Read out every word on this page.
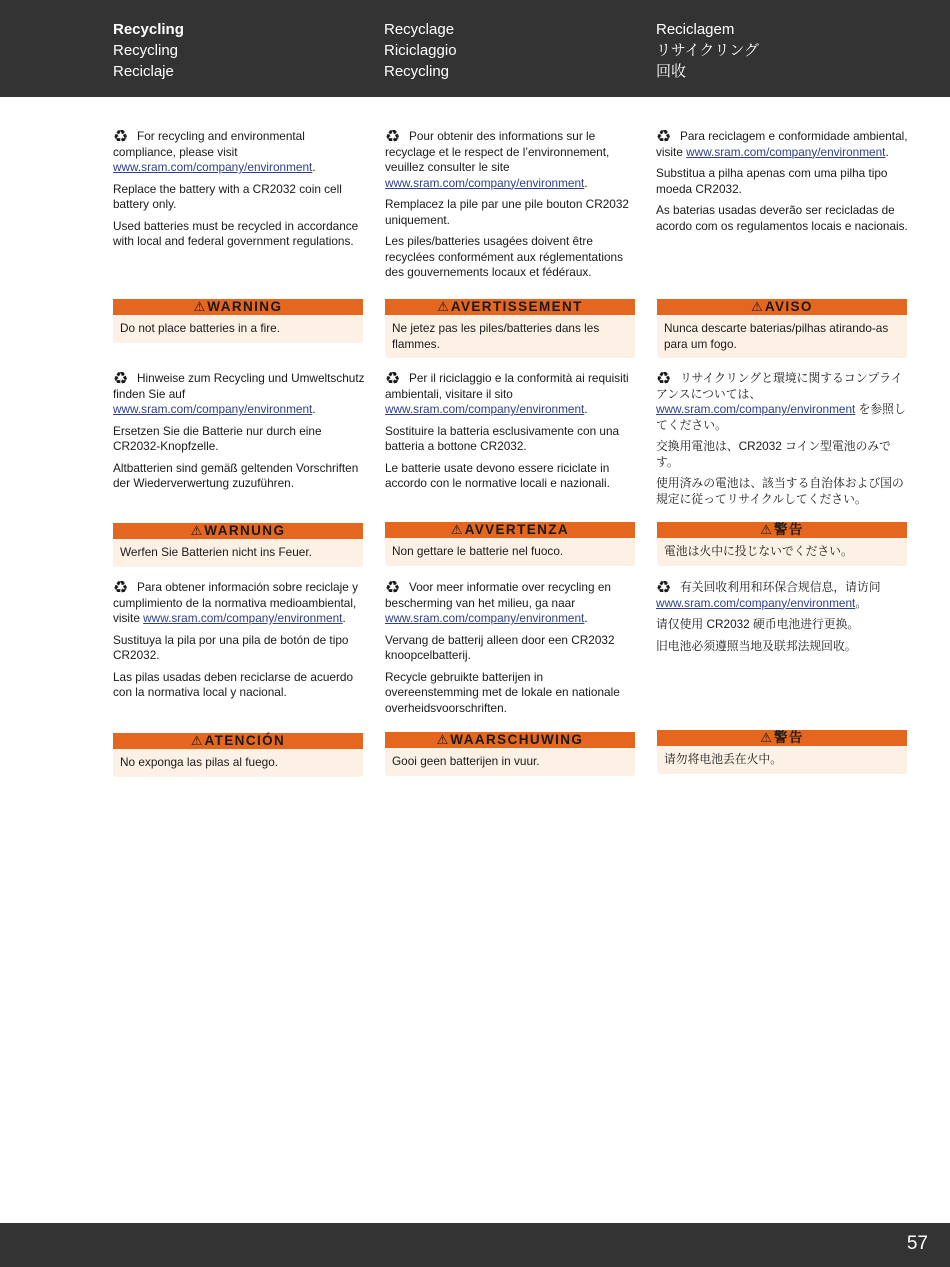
Recycling
Recycling
Reciclaje
Recyclage
Riciclaggio
Recycling
Reciclagem
リサイクリング
回收

♻ For recycling and environmental compliance, please visit www.sram.com/company/environment.

Replace the battery with a CR2032 coin cell battery only.

Used batteries must be recycled in accordance with local and federal government regulations.

♻ Pour obtenir des informations sur le recyclage et le respect de l’environnement, veuillez consulter le site www.sram.com/company/environment.

Remplacez la pile par une pile bouton CR2032 uniquement.

Les piles/batteries usagées doivent être recyclées conformément aux réglementations des gouvernements locaux et fédéraux.

♻ Para reciclagem e conformidade ambiental, visite www.sram.com/company/environment.

Substitua a pilha apenas com uma pilha tipo moeda CR2032.

As baterias usadas deverão ser recicladas de acordo com os regulamentos locais e nacionais.

⚠ WARNING
Do not place batteries in a fire.
⚠ AVERTISSEMENT
Ne jetez pas les piles/batteries dans les flammes.
⚠ AVISO
Nunca descarte baterias/pilhas atirando-as para um fogo.

♻ Hinweise zum Recycling und Umweltschutz finden Sie auf www.sram.com/company/environment.

Ersetzen Sie die Batterie nur durch eine CR2032-Knopfzelle.

Altbatterien sind gemäß geltenden Vorschriften der Wiederverwertung zuzuführen.

♻ Per il riciclaggio e la conformità ai requisiti ambientali, visitare il sito www.sram.com/company/environment.

Sostituire la batteria esclusivamente con una batteria a bottone CR2032.

Le batterie usate devono essere riciclate in accordo con le normative locali e nazionali.

♻ リサイクリングと環境に関するコンプライアンスについては、www.sram.com/company/environment を参照してください。

交換用電池は、CR2032 コイン型電池のみです。

使用済みの電池は、該当する自治体および国の規定に従ってリサイクルしてください。

⚠ WARNUNG
Werfen Sie Batterien nicht ins Feuer.
⚠ AVVERTENZA
Non gettare le batterie nel fuoco.
⚠ 警告
電池は火中に投じないでください。

♻ Para obtener información sobre reciclaje y cumplimiento de la normativa medioambiental, visite www.sram.com/company/environment.

Sustituya la pila por una pila de botón de tipo CR2032.

Las pilas usadas deben reciclarse de acuerdo con la normativa local y nacional.

♻ Voor meer informatie over recycling en bescherming van het milieu, ga naar www.sram.com/company/environment.

Vervang de batterij alleen door een CR2032 knoopcelbatterij.

Recycle gebruikte batterijen in overeenstemming met de lokale en nationale overheidsvoorschriften.

♻ 有关回收利用和环保合规信息，请访问 www.sram.com/company/environment。

请仅使用 CR2032 硬币电池进行更换。

旧电池必须遵照当地及联邦法规回收。

⚠ ATENCIÓN
No exponga las pilas al fuego.
⚠ WAARSCHUWING
Gooi geen batterijen in vuur.
⚠ 警告
请勿将电池丢在火中。
57
